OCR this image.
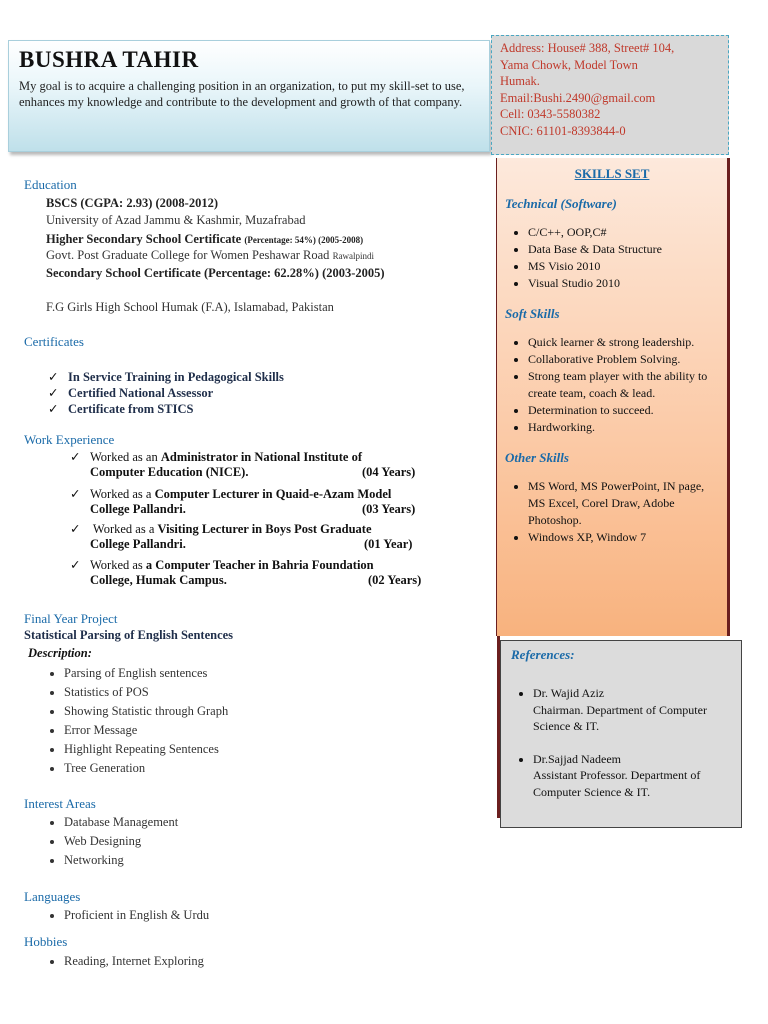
BUSHRA TAHIR
My goal is to acquire a challenging position in an organization, to put my skill-set to use, enhances my knowledge and contribute to the development and growth of that company.
Address: House# 388, Street# 104,
Yama Chowk, Model Town
Humak.
Email:Bushi.2490@gmail.com
Cell: 0343-5580382
CNIC: 61101-8393844-0
SKILLS SET
Technical (Software)
• C/C++, OOP,C#
• Data Base & Data Structure
• MS Visio 2010
• Visual Studio 2010
Soft Skills
• Quick learner & strong leadership.
• Collaborative Problem Solving.
• Strong team player with the ability to create team, coach & lead.
• Determination to succeed.
• Hardworking.
Other Skills
• MS Word, MS PowerPoint, IN page, MS Excel, Corel Draw, Adobe Photoshop.
• Windows XP, Window 7
References:
• Dr. Wajid Aziz
Chairman. Department of Computer Science & IT.
• Dr.Sajjad Nadeem
Assistant Professor. Department of Computer Science & IT.
Education
BSCS (CGPA: 2.93) (2008-2012)
University of Azad Jammu & Kashmir, Muzafrabad
Higher Secondary School Certificate (Percentage: 54%) (2005-2008)
Govt. Post Graduate College for Women Peshawar Road Rawalpindi
Secondary School Certificate (Percentage: 62.28%) (2003-2005)
F.G Girls High School Humak (F.A), Islamabad, Pakistan
Certificates
✓ In Service Training in Pedagogical Skills
✓ Certified National Assessor
✓ Certificate from STICS
Work Experience
✓ Worked as an Administrator in National Institute of
Computer Education (NICE).	(04 Years)
✓ Worked as a Computer Lecturer in Quaid-e-Azam Model
College Pallandri.	(03 Years)
✓ Worked as a Visiting Lecturer in Boys Post Graduate
College Pallandri.	(01 Year)
✓ Worked as a Computer Teacher in Bahria Foundation
College, Humak Campus.	(02 Years)
Final Year Project
Statistical Parsing of English Sentences
Description:
• Parsing of English sentences
• Statistics of POS
• Showing Statistic through Graph
• Error Message
• Highlight Repeating Sentences
• Tree Generation
Interest Areas
• Database Management
• Web Designing
• Networking
Languages
• Proficient in English & Urdu
Hobbies
• Reading, Internet Exploring
